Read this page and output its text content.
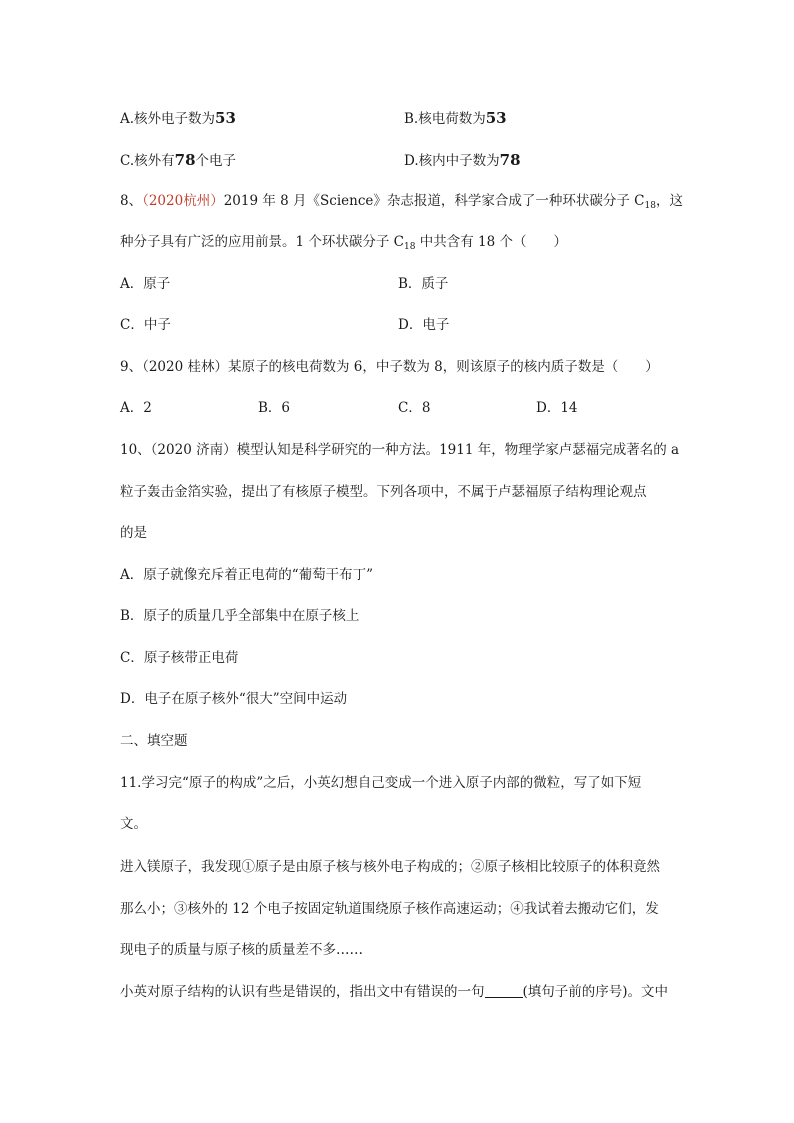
A.核外电子数为53	B.核电荷数为53
C.核外有78个电子	D.核内中子数为78
8、（2020杭州）2019 年 8 月《Science》杂志报道，科学家合成了一种环状碳分子 $C_{18}$，这
种分子具有广泛的应用前景。1 个环状碳分子 $C_{18}$ 中共含有 18 个（　　）
A．原子	B．质子
C．中子	D．电子
9、（2020 桂林）某原子的核电荷数为 6，中子数为 8，则该原子的核内质子数是（　　）
A．2	B．6	C．8	D．14
10、（2020 济南）模型认知是科学研究的一种方法。1911 年，物理学家卢瑟福完成著名的 a
粒子轰击金箔实验，提出了有核原子模型。下列各项中，不属于卢瑟福原子结构理论观点
的是
A．原子就像充斥着正电荷的“葡萄干布丁”
B．原子的质量几乎全部集中在原子核上
C．原子核带正电荷
D．电子在原子核外“很大”空间中运动
二、填空题
11.学习完“原子的构成”之后，小英幻想自己变成一个进入原子内部的微粒，写了如下短
文。
进入镁原子，我发现①原子是由原子核与核外电子构成的；②原子核相比较原子的体积竟然
那么小；③核外的 12 个电子按固定轨道围绕原子核作高速运动；④我试着去搬动它们，发
现电子的质量与原子核的质量差不多……
小英对原子结构的认识有些是错误的，指出文中有错误的一句	(填句子前的序号)。文中
